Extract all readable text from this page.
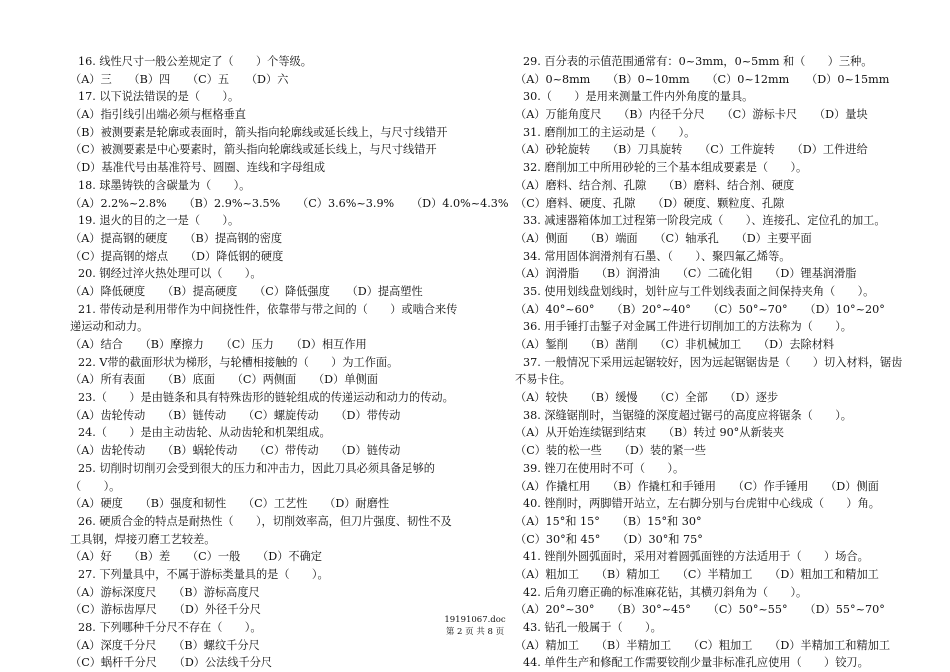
16. 线性尺寸一般公差规定了（　　）个等级。
（A）三　　（B）四　　（C）五　　（D）六
17. 以下说法错误的是（　　）。
（A）指引线引出端必须与框格垂直
（B）被测要素是轮廓或表面时，箭头指向轮廓线或延长线上，与尺寸线错开
（C）被测要素是中心要素时，箭头指向轮廓线或延长线上，与尺寸线错开
（D）基准代号由基准符号、圆圈、连线和字母组成
18. 球墨铸铁的含碳量为（　　）。
（A）2.2%~2.8%　　（B）2.9%~3.5%　　（C）3.6%~3.9%　　（D）4.0%~4.3%
19. 退火的目的之一是（　　）。
（A）提高钢的硬度　　（B）提高钢的密度
（C）提高钢的熔点　　（D）降低钢的硬度
20. 钢经过淬火热处理可以（　　）。
（A）降低硬度　　（B）提高硬度　　（C）降低强度　　（D）提高塑性
21. 带传动是利用带作为中间挠性件，依靠带与带之间的（　　）或啮合来传
递运动和动力。
（A）结合　　（B）摩擦力　　（C）压力　　（D）相互作用
22. V带的截面形状为梯形，与轮槽相接触的（　　）为工作面。
（A）所有表面　　（B）底面　　（C）两侧面　　（D）单侧面
23.（　　）是由链条和具有特殊齿形的链轮组成的传递运动和动力的传动。
（A）齿轮传动　　（B）链传动　　（C）螺旋传动　　（D）带传动
24.（　　）是由主动齿轮、从动齿轮和机架组成。
（A）齿轮传动　　（B）蜗轮传动　　（C）带传动　　（D）链传动
25. 切削时切削刃会受到很大的压力和冲击力，因此刀具必须具备足够的
（　　）。
（A）硬度　　（B）强度和韧性　　（C）工艺性　　（D）耐磨性
26. 硬质合金的特点是耐热性（　　），切削效率高，但刀片强度、韧性不及
工具钢，焊接刃磨工艺较差。
（A）好　　（B）差　　（C）一般　　（D）不确定
27. 下列量具中，不属于游标类量具的是（　　）。
（A）游标深度尺　　（B）游标高度尺
（C）游标齿厚尺　　（D）外径千分尺
28. 下列哪种千分尺不存在（　　）。
（A）深度千分尺　　（B）螺纹千分尺
（C）蜗杆千分尺　　（D）公法线千分尺
29. 百分表的示值范围通常有：0~3mm，0~5mm 和（　　）三种。
（A）0~8mm　　（B）0~10mm　　（C）0~12mm　　（D）0~15mm
30.（　　）是用来测量工件内外角度的量具。
（A）万能角度尺　　（B）内径千分尺　　（C）游标卡尺　　（D）量块
31. 磨削加工的主运动是（　　）。
（A）砂轮旋转　　（B）刀具旋转　　（C）工件旋转　　（D）工件进给
32. 磨削加工中所用砂轮的三个基本组成要素是（　　）。
（A）磨料、结合剂、孔隙　　（B）磨料、结合剂、硬度
（C）磨料、硬度、孔隙　　（D）硬度、颗粒度、孔隙
33. 减速器箱体加工过程第一阶段完成（　　）、连接孔、定位孔的加工。
（A）侧面　　（B）端面　　（C）轴承孔　　（D）主要平面
34. 常用固体润滑剂有石墨、（　　）、聚四氟乙烯等。
（A）润滑脂　　（B）润滑油　　（C）二硫化钼　　（D）锂基润滑脂
35. 使用划线盘划线时，划针应与工件划线表面之间保持夹角（　　）。
（A）40°~60°　　（B）20°~40°　　（C）50°~70°　　（D）10°~20°
36. 用手锤打击錾子对金属工件进行切削加工的方法称为（　　）。
（A）錾削　　（B）凿削　　（C）非机械加工　　（D）去除材料
37. 一般情况下采用远起锯较好，因为远起锯锯齿是（　　）切入材料，锯齿
不易卡住。
（A）较快　　（B）缓慢　　（C）全部　　（D）逐步
38. 深缝锯削时，当锯缝的深度超过锯弓的高度应将锯条（　　）。
（A）从开始连续锯到结束　　（B）转过 90°从新装夹
（C）装的松一些　　（D）装的紧一些
39. 锉刀在使用时不可（　　）。
（A）作撬杠用　　（B）作撬杠和手锤用　　（C）作手锤用　　（D）侧面
40. 锉削时，两脚错开站立，左右脚分别与台虎钳中心线成（　　）角。
（A）15°和 15°　　（B）15°和 30°
（C）30°和 45°　　（D）30°和 75°
41. 锉削外圆弧面时，采用对着圆弧面锉的方法适用于（　　）场合。
（A）粗加工　　（B）精加工　　（C）半精加工　　（D）粗加工和精加工
42. 后角刃磨正确的标准麻花钻，其横刃斜角为（　　）。
（A）20°~30°　　（B）30°~45°　　（C）50°~55°　　（D）55°~70°
43. 钻孔一般属于（　　）。
（A）精加工　　（B）半精加工　　（C）粗加工　　（D）半精加工和精加工
44. 单件生产和修配工作需要铰削少量非标准孔应使用（　　）铰刀。
19191067.doc
第 2 页 共 8 页
